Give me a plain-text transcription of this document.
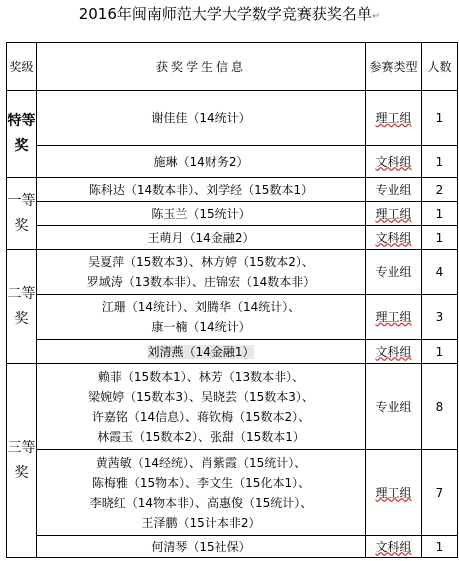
2016年闽南师范大学大学数学竞赛获奖名单↵
奖级	获奖学生信息	参赛类型	人数
特等奖	谢佳佳（14统计）	理工组	1
	施琳（14财务2）	文科组	1
一等奖	陈科达（14数本非）、刘学经（15数本1）	专业组	2
	陈玉兰（15统计）	理工组	1
	王萌月（14金融2）	文科组	1
二等奖	吴夏萍（15数本3）、林方婷（15数本2）、
罗域涛（13数本非）、庄锦宏（14数本非）	专业组	4

	江珊（14统计）、刘腾华（14统计）、
康一楠（14统计）	理工组	3
	刘清燕（14金融1）	文科组	1
三等奖	赖菲（15数本1）、林芳（13数本非）、
梁婉婷（15数本3）、吴晓芸（15数本3）、
许嘉铭（14信息）、蒋钦梅（15数本2）、
林霞玉（15数本2）、张甜（15数本1）	专业组	8

	黄茜敏（14经统）、肖紫霞（15统计）、
陈梅雅（15物本）、李文生（15化本1）、
李晓红（14物本非）、高惠俊（15统计）、
王泽鹏（15计本非2）	理工组	7
	何清琴（15社保）	文科组	1
